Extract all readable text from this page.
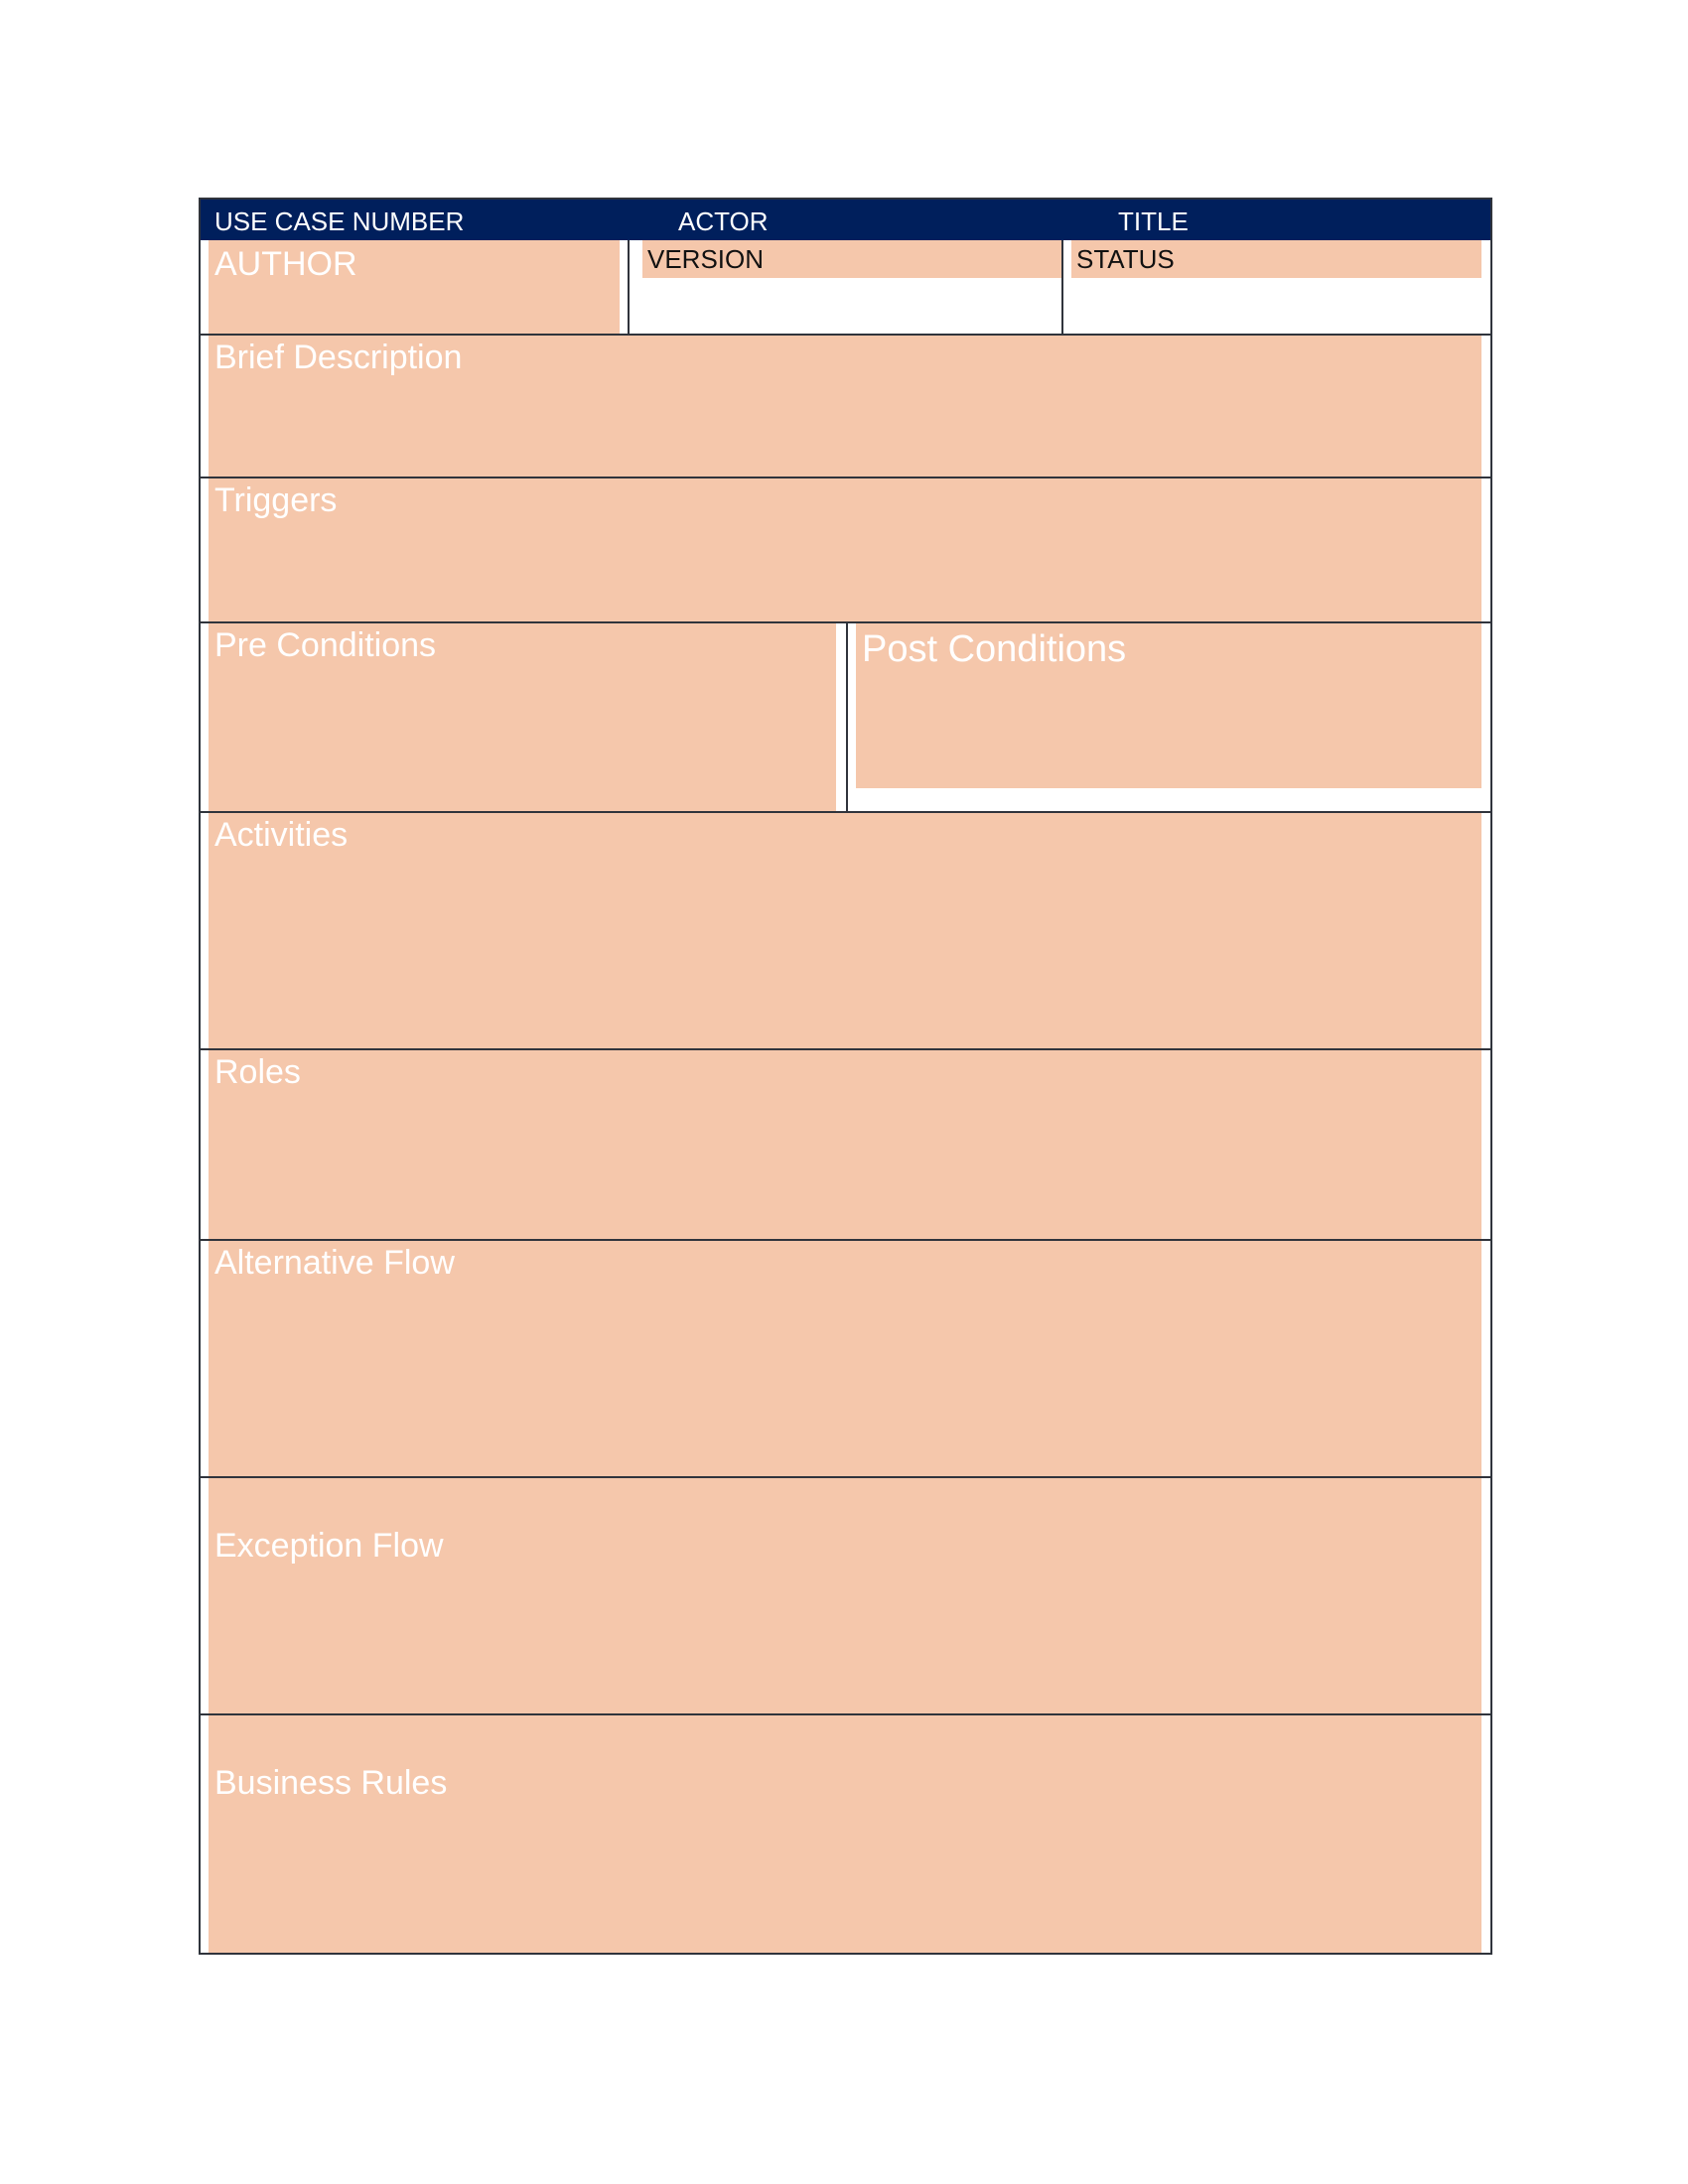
USE CASE NUMBER	ACTOR	TITLE
AUTHOR	VERSION	STATUS
Brief Description
Triggers
Pre Conditions	Post Conditions
Activities
Roles
Alternative Flow
Exception Flow
Business Rules
